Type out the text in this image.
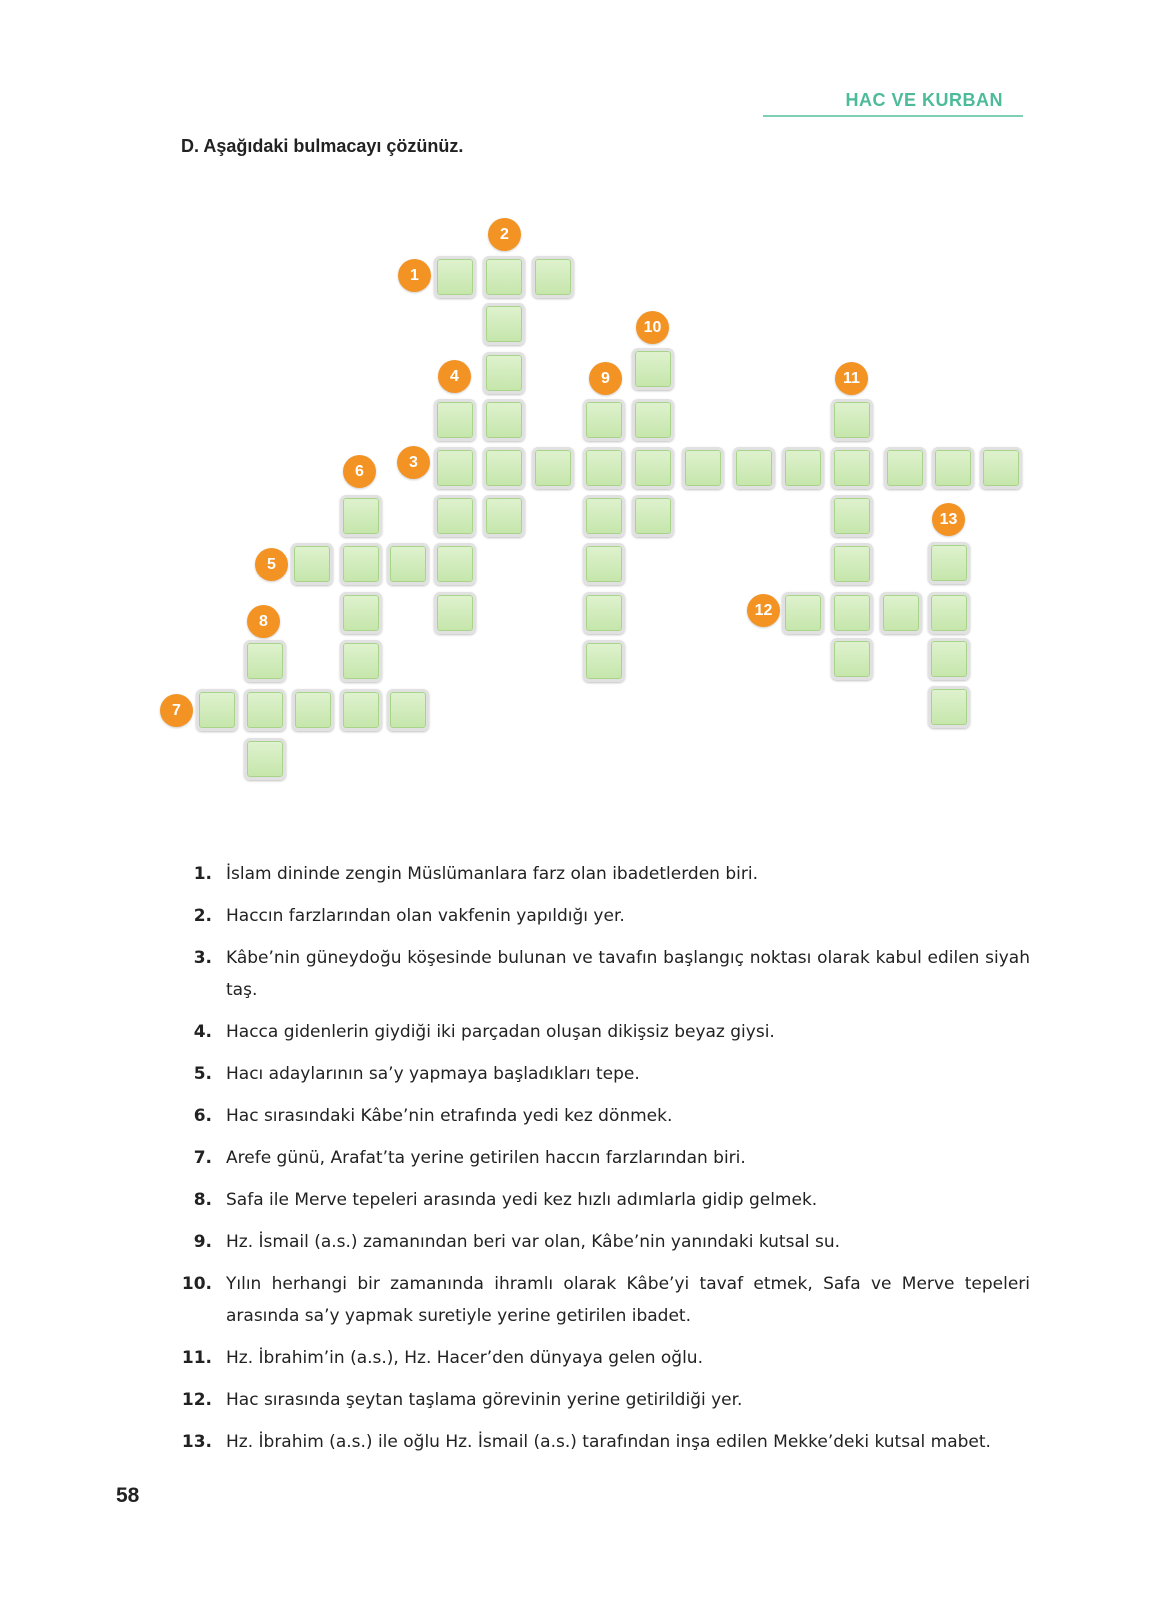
HAC VE KURBAN
D. Aşağıdaki bulmacayı çözünüz.
1
2
3
4
5
6
7
8
9
10
11
12
13
1. İslam dininde zengin Müslümanlara farz olan ibadetlerden biri.
2. Haccın farzlarından olan vakfenin yapıldığı yer.
3. Kâbe’nin güneydoğu köşesinde bulunan ve tavafın başlangıç noktası olarak kabul edilen siyah taş.
4. Hacca gidenlerin giydiği iki parçadan oluşan dikişsiz beyaz giysi.
5. Hacı adaylarının sa’y yapmaya başladıkları tepe.
6. Hac sırasındaki Kâbe’nin etrafında yedi kez dönmek.
7. Arefe günü, Arafat’ta yerine getirilen haccın farzlarından biri.
8. Safa ile Merve tepeleri arasında yedi kez hızlı adımlarla gidip gelmek.
9. Hz. İsmail (a.s.) zamanından beri var olan, Kâbe’nin yanındaki kutsal su.
10. Yılın herhangi bir zamanında ihramlı olarak Kâbe’yi tavaf etmek, Safa ve Merve tepeleri arasında sa’y yapmak suretiyle yerine getirilen ibadet.
11. Hz. İbrahim’in (a.s.), Hz. Hacer’den dünyaya gelen oğlu.
12. Hac sırasında şeytan taşlama görevinin yerine getirildiği yer.
13. Hz. İbrahim (a.s.) ile oğlu Hz. İsmail (a.s.) tarafından inşa edilen Mekke’deki kutsal mabet.
58
